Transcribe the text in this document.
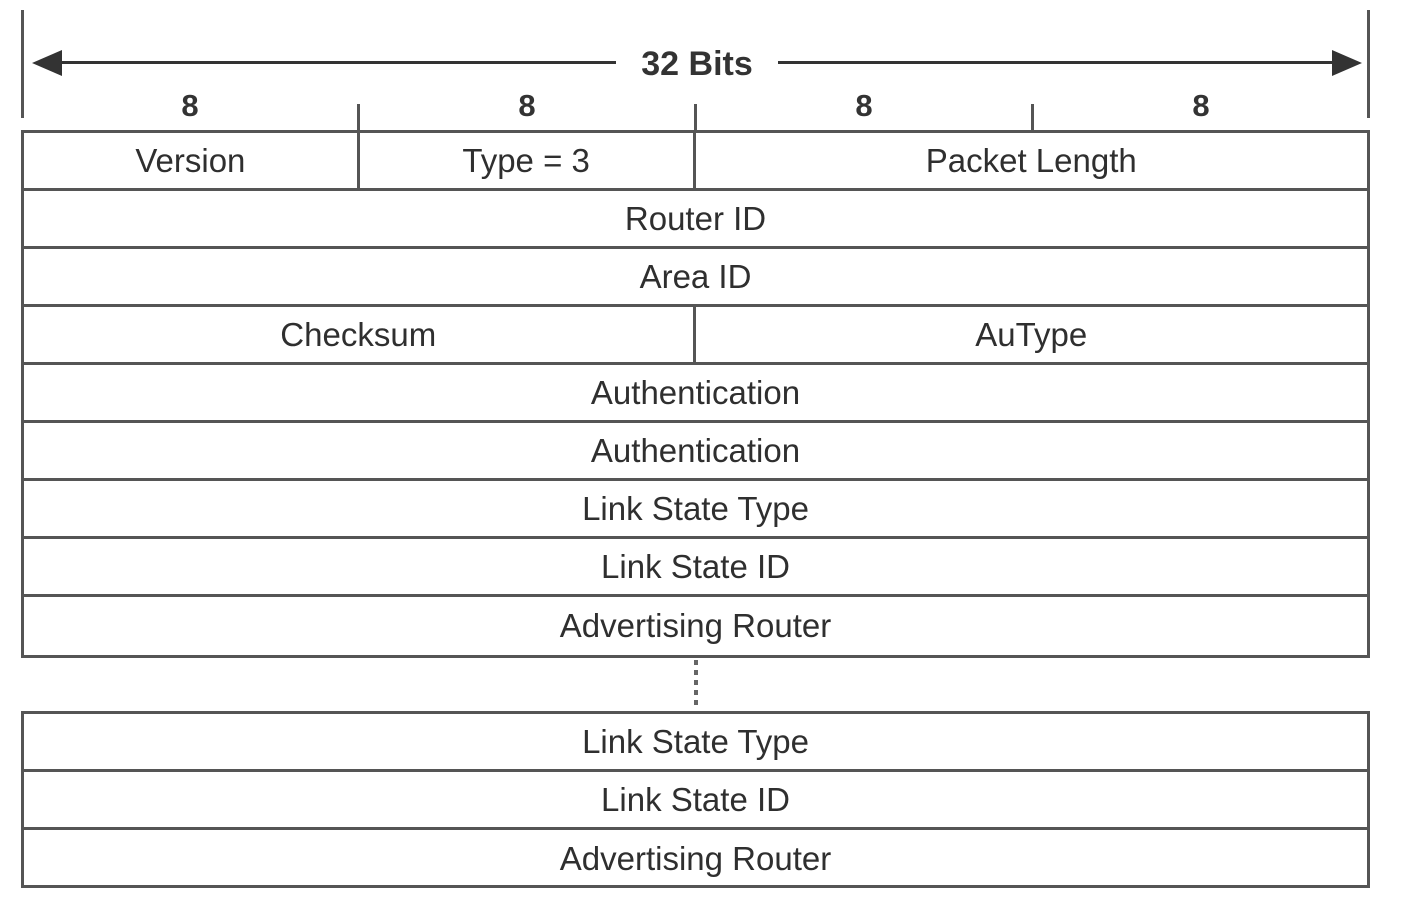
32 Bits
8	8	8	8
Version	Type = 3	Packet Length
Router ID
Area ID
Checksum	AuType
Authentication
Authentication
Link State Type
Link State ID
Advertising Router
Link State Type
Link State ID
Advertising Router
